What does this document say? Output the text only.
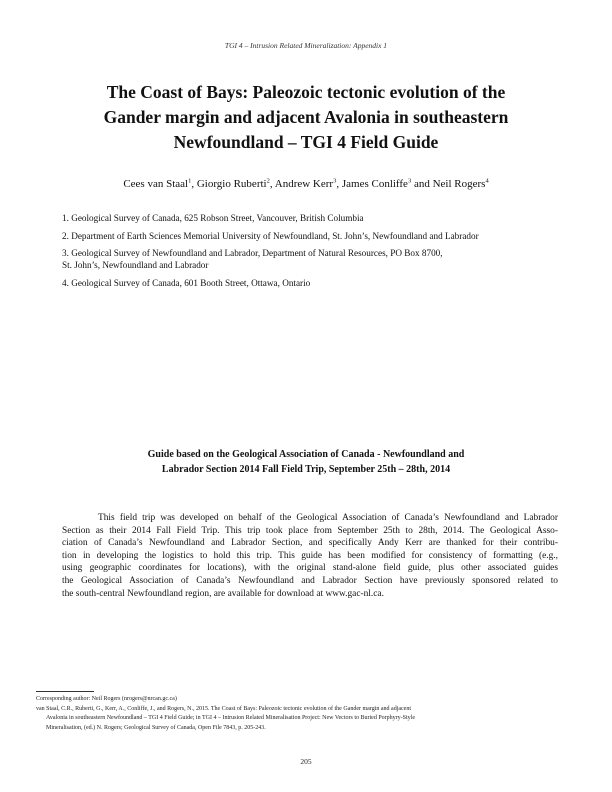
TGI 4 – Intrusion Related Mineralization: Appendix 1
The Coast of Bays: Paleozoic tectonic evolution of the
Gander margin and adjacent Avalonia in southeastern
Newfoundland – TGI 4 Field Guide
Cees van Staal$^1$, Giorgio Ruberti$^2$, Andrew Kerr$^3$, James Conliffe$^3$ and Neil Rogers$^4$
1. Geological Survey of Canada, 625 Robson Street, Vancouver, British Columbia
2. Department of Earth Sciences Memorial University of Newfoundland, St. John’s, Newfoundland and Labrador
3. Geological Survey of Newfoundland and Labrador, Department of Natural Resources, PO Box 8700,
St. John’s, Newfoundland and Labrador
4. Geological Survey of Canada, 601 Booth Street, Ottawa, Ontario
Guide based on the Geological Association of Canada - Newfoundland and
Labrador Section 2014 Fall Field Trip, September 25th – 28th, 2014

This field trip was developed on behalf of the Geological Association of Canada’s Newfoundland and Labrador
Section as their 2014 Fall Field Trip. This trip took place from September 25th to 28th, 2014. The Geological Asso-
ciation of Canada’s Newfoundland and Labrador Section, and specifically Andy Kerr are thanked for their contribu-
tion in developing the logistics to hold this trip. This guide has been modified for consistency of formatting (e.g.,
using geographic coordinates for locations), with the original stand-alone field guide, plus other associated guides
the Geological Association of Canada’s Newfoundland and Labrador Section have previously sponsored related to
the south-central Newfoundland region, are available for download at www.gac-nl.ca.

Corresponding author: Neil Rogers (nrogers@nrcan.gc.ca)
van Staal, C.R., Ruberti, G., Kerr, A., Conliffe, J., and Rogers, N., 2015. The Coast of Bays: Paleozoic tectonic evolution of the Gander margin and adjacent
Avalonia in southeastern Newfoundland – TGI 4 Field Guide; in TGI 4 – Intrusion Related Mineralisation Project: New Vectors to Buried Porphyry-Style
Mineralisation, (ed.) N. Rogers; Geological Survey of Canada, Open File 7843, p. 205-243.
205
